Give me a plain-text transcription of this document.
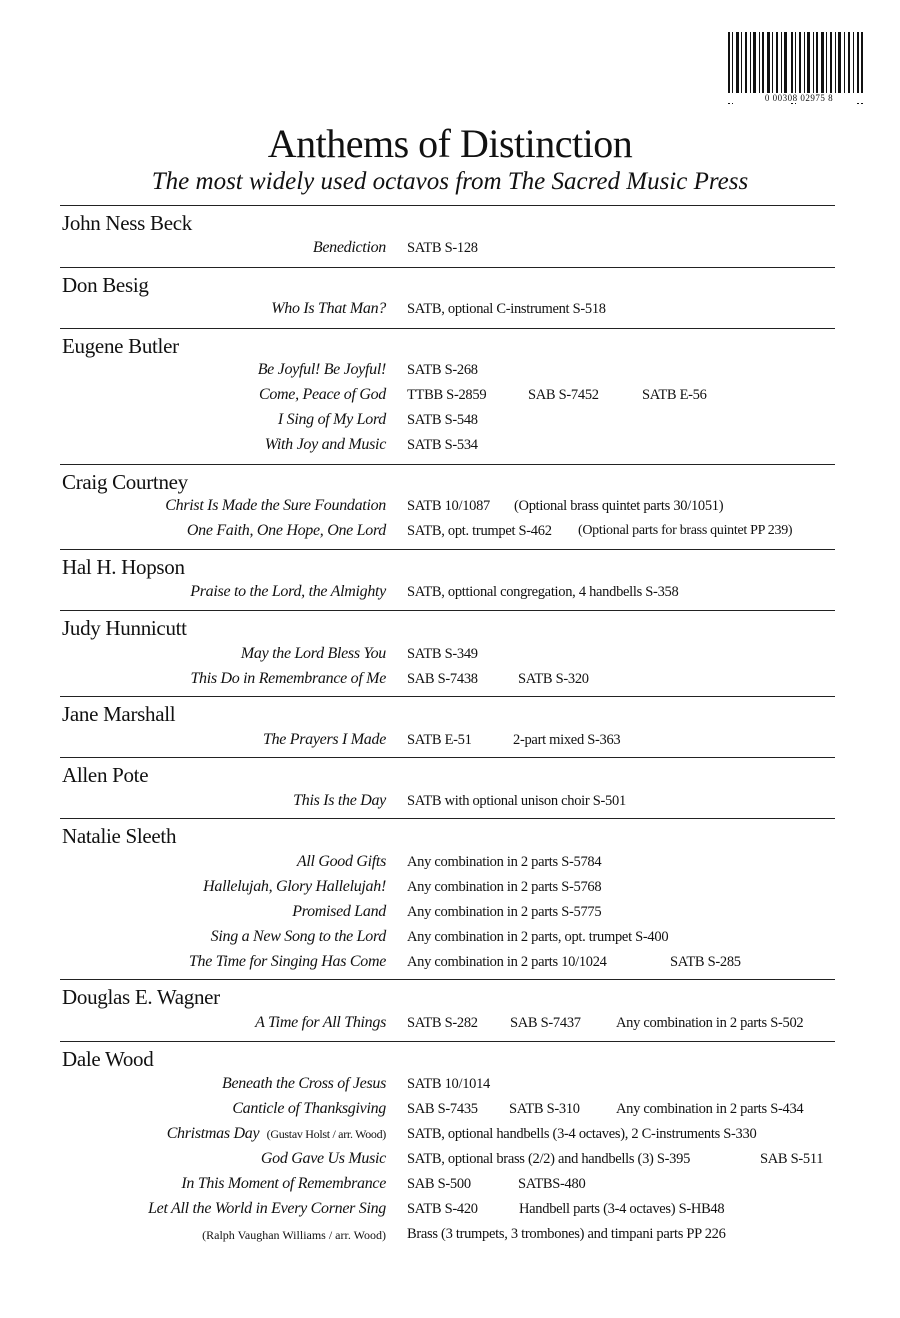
0 00308 02975 8
Anthems of Distinction
The most widely used octavos from The Sacred Music Press
John Ness Beck
Benediction SATB S-128
Don Besig
Who Is That Man? SATB, optional C-instrument S-518
Eugene Butler
Be Joyful! Be Joyful! SATB S-268
Come, Peace of God TTBB S-2859	SAB S-7452	SATB E-56
I Sing of My Lord SATB S-548
With Joy and Music SATB S-534
Craig Courtney
Christ Is Made the Sure Foundation SATB 10/1087 (Optional brass quintet parts 30/1051)
One Faith, One Hope, One Lord SATB, opt. trumpet S-462 (Optional parts for brass quintet PP 239)
Hal H. Hopson
Praise to the Lord, the Almighty SATB, opttional congregation, 4 handbells S-358
Judy Hunnicutt
May the Lord Bless You SATB S-349
This Do in Remembrance of Me SAB S-7438	SATB S-320
Jane Marshall
The Prayers I Made SATB E-51	2-part mixed S-363
Allen Pote
This Is the Day SATB with optional unison choir S-501
Natalie Sleeth
All Good Gifts Any combination in 2 parts S-5784
Hallelujah, Glory Hallelujah! Any combination in 2 parts S-5768
Promised Land Any combination in 2 parts S-5775
Sing a New Song to the Lord Any combination in 2 parts, opt. trumpet S-400
The Time for Singing Has Come Any combination in 2 parts 10/1024	SATB S-285
Douglas E. Wagner
A Time for All Things SATB S-282 SAB S-7437 Any combination in 2 parts S-502
Dale Wood
Beneath the Cross of Jesus SATB 10/1014
Canticle of Thanksgiving SAB S-7435 SATB S-310	Any combination in 2 parts S-434
Christmas Day (Gustav Holst / arr. Wood) SATB, optional handbells (3-4 octaves), 2 C-instruments S-330
God Gave Us Music SATB, optional brass (2/2) and handbells (3) S-395	SAB S-511
In This Moment of Remembrance SAB S-500	SATBS-480
Let All the World in Every Corner Sing SATB S-420	Handbell parts (3-4 octaves) S-HB48
(Ralph Vaughan Williams / arr. Wood) Brass (3 trumpets, 3 trombones) and timpani parts PP 226
